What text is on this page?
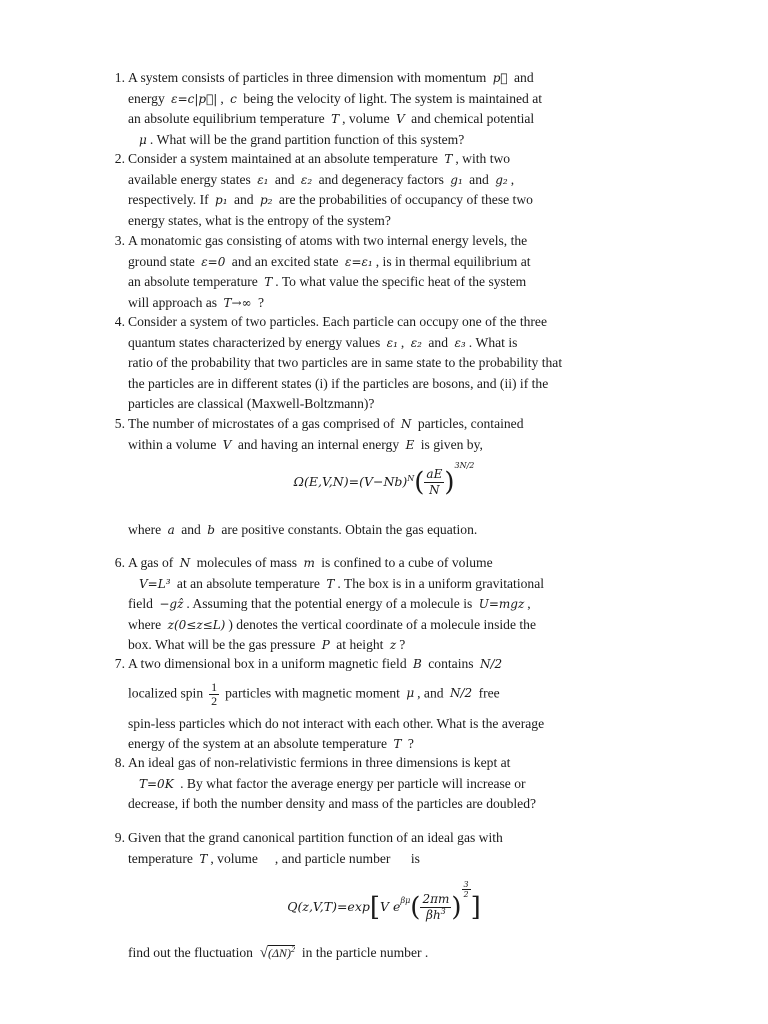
1. A system consists of particles in three dimension with momentum p⃗ and
energy ε=c|p⃗| , c being the velocity of light. The system is maintained at
an absolute equilibrium temperature T , volume V and chemical potential
μ . What will be the grand partition function of this system?
2. Consider a system maintained at an absolute temperature T , with two
available energy states ε₁ and ε₂ and degeneracy factors g₁ and g₂ ,
respectively. If p₁ and p₂ are the probabilities of occupancy of these two
energy states, what is the entropy of the system?
3. A monatomic gas consisting of atoms with two internal energy levels, the
ground state ε=0 and an excited state ε=ε₁ , is in thermal equilibrium at
an absolute temperature T . To what value the specific heat of the system
will approach as T→∞ ?
4. Consider a system of two particles. Each particle can occupy one of the three
quantum states characterized by energy values ε₁ , ε₂ and ε₃ . What is
ratio of the probability that two particles are in same state to the probability that
the particles are in different states (i) if the particles are bosons, and (ii) if the
particles are classical (Maxwell-Boltzmann)?
5. The number of microstates of a gas comprised of N particles, contained
within a volume V and having an internal energy E is given by,
$\Omega(E,V,N)=(V-Nb)^N( \frac{aE}{N} )^{3N/2}$
where a and b are positive constants. Obtain the gas equation.
6. A gas of N molecules of mass m is confined to a cube of volume
V=L³ at an absolute temperature T . The box is in a uniform gravitational
field −gẑ . Assuming that the potential energy of a molecule is U=mgz ,
where z(0≤z≤L) ) denotes the vertical coordinate of a molecule inside the
box. What will be the gas pressure P at height z ?
7. A two dimensional box in a uniform magnetic field B contains N/2
localized spin $\frac{1}{2}$ particles with magnetic moment μ , and N/2 free
spin-less particles which do not interact with each other. What is the average
energy of the system at an absolute temperature T ?
8. An ideal gas of non-relativistic fermions in three dimensions is kept at
T=0K . By what factor the average energy per particle will increase or
decrease, if both the number density and mass of the particles are doubled?
9. Given that the grand canonical partition function of an ideal gas with
temperature T , volume , and particle number is
Q(z,V,T)=exp[V $e^{\beta\mu}( \frac{2\pi m}{\beta h^3}$ )
$\frac{3}{2}$
]
find out the fluctuation $√(\Delta N)^2$ in the particle number .
